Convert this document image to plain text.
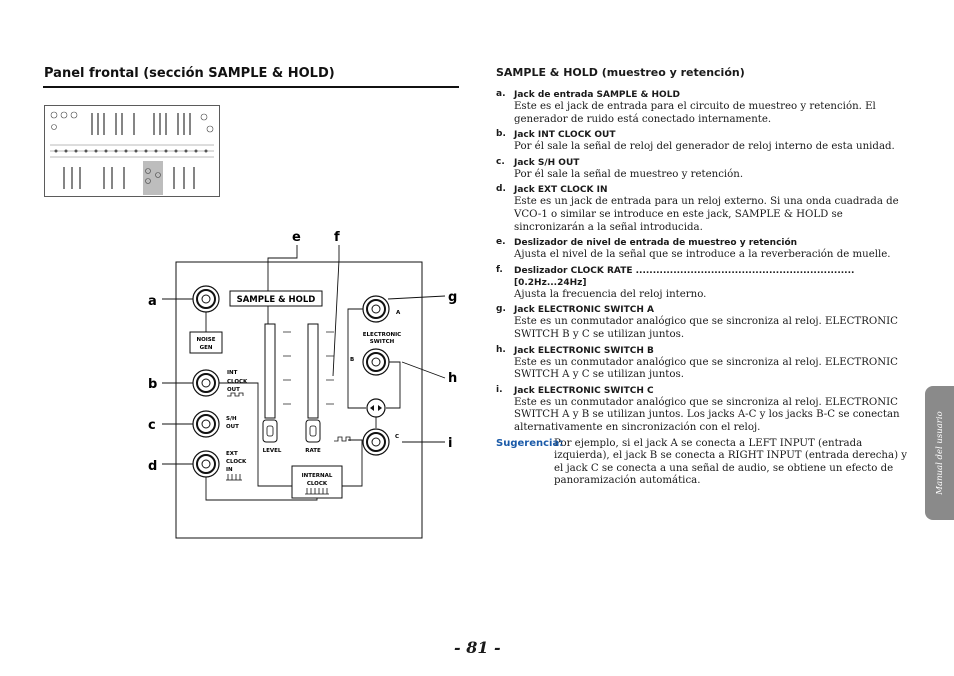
Panel frontal (sección SAMPLE & HOLD)
a
b
c
d
e	f
g
h
i
SAMPLE & HOLD
NOISE
GEN
INT
CLOCK
OUT
S/H
OUT
EXT
CLOCK
IN
LEVEL	RATE
INTERNAL
CLOCK
A
ELECTRONIC
SWITCH
B
C
SAMPLE & HOLD (muestreo y retención)
a. Jack de entrada SAMPLE & HOLD
Este es el jack de entrada para el circuito de muestreo y retención. El generador de ruido está conectado internamente.
b. Jack INT CLOCK OUT
Por él sale la señal de reloj del generador de reloj interno de esta unidad.
c. Jack S/H OUT
Por él sale la señal de muestreo y retención.
d. Jack EXT CLOCK IN
Este es un jack de entrada para un reloj externo. Si una onda cuadrada de VCO-1 o similar se introduce en este jack, SAMPLE & HOLD se sincronizarán a la señal introducida.
e. Deslizador de nivel de entrada de muestreo y retención
Ajusta el nivel de la señal que se introduce a la reverberación de muelle.
f. Deslizador CLOCK RATE ................................................................ [0.2Hz...24Hz]
Ajusta la frecuencia del reloj interno.
g. Jack ELECTRONIC SWITCH A
Este es un conmutador analógico que se sincroniza al reloj. ELECTRONIC SWITCH B y C se utilizan juntos.
h. Jack ELECTRONIC SWITCH B
Este es un conmutador analógico que se sincroniza al reloj. ELECTRONIC SWITCH A y C se utilizan juntos.
i. Jack ELECTRONIC SWITCH C
Este es un conmutador analógico que se sincroniza al reloj. ELECTRONIC SWITCH A y B se utilizan juntos. Los jacks A-C y los jacks B-C se conectan alternativamente en sincronización con el reloj.
Sugerencia:
Por ejemplo, si el jack A se conecta a LEFT INPUT (entrada izquierda), el jack B se conecta a RIGHT INPUT (entrada derecha) y el jack C se conecta a una señal de audio, se obtiene un efecto de panoramización automática.
- 81 -
Manual del usuario
